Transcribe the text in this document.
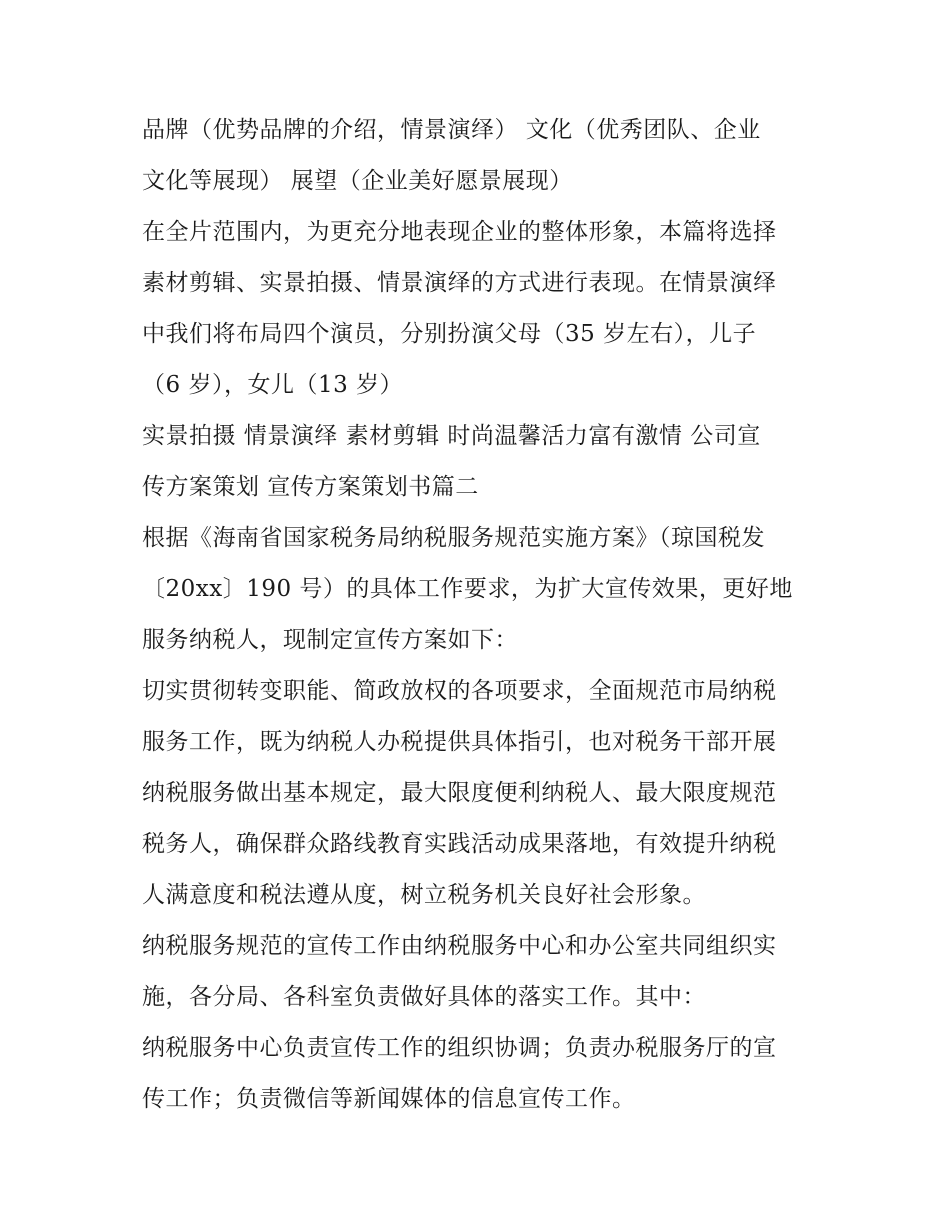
品牌（优势品牌的介绍，情景演绎） 文化（优秀团队、企业
文化等展现） 展望（企业美好愿景展现）
在全片范围内，为更充分地表现企业的整体形象，本篇将选择
素材剪辑、实景拍摄、情景演绎的方式进行表现。在情景演绎
中我们将布局四个演员，分别扮演父母（35 岁左右），儿子
（6 岁），女儿（13 岁）
实景拍摄 情景演绎 素材剪辑 时尚温馨活力富有激情 公司宣
传方案策划 宣传方案策划书篇二
根据《海南省国家税务局纳税服务规范实施方案》（琼国税发
〔20xx〕190 号）的具体工作要求，为扩大宣传效果，更好地
服务纳税人，现制定宣传方案如下：
切实贯彻转变职能、简政放权的各项要求，全面规范市局纳税
服务工作，既为纳税人办税提供具体指引，也对税务干部开展
纳税服务做出基本规定，最大限度便利纳税人、最大限度规范
税务人，确保群众路线教育实践活动成果落地，有效提升纳税
人满意度和税法遵从度，树立税务机关良好社会形象。
纳税服务规范的宣传工作由纳税服务中心和办公室共同组织实
施，各分局、各科室负责做好具体的落实工作。其中：
纳税服务中心负责宣传工作的组织协调；负责办税服务厅的宣
传工作；负责微信等新闻媒体的信息宣传工作。
